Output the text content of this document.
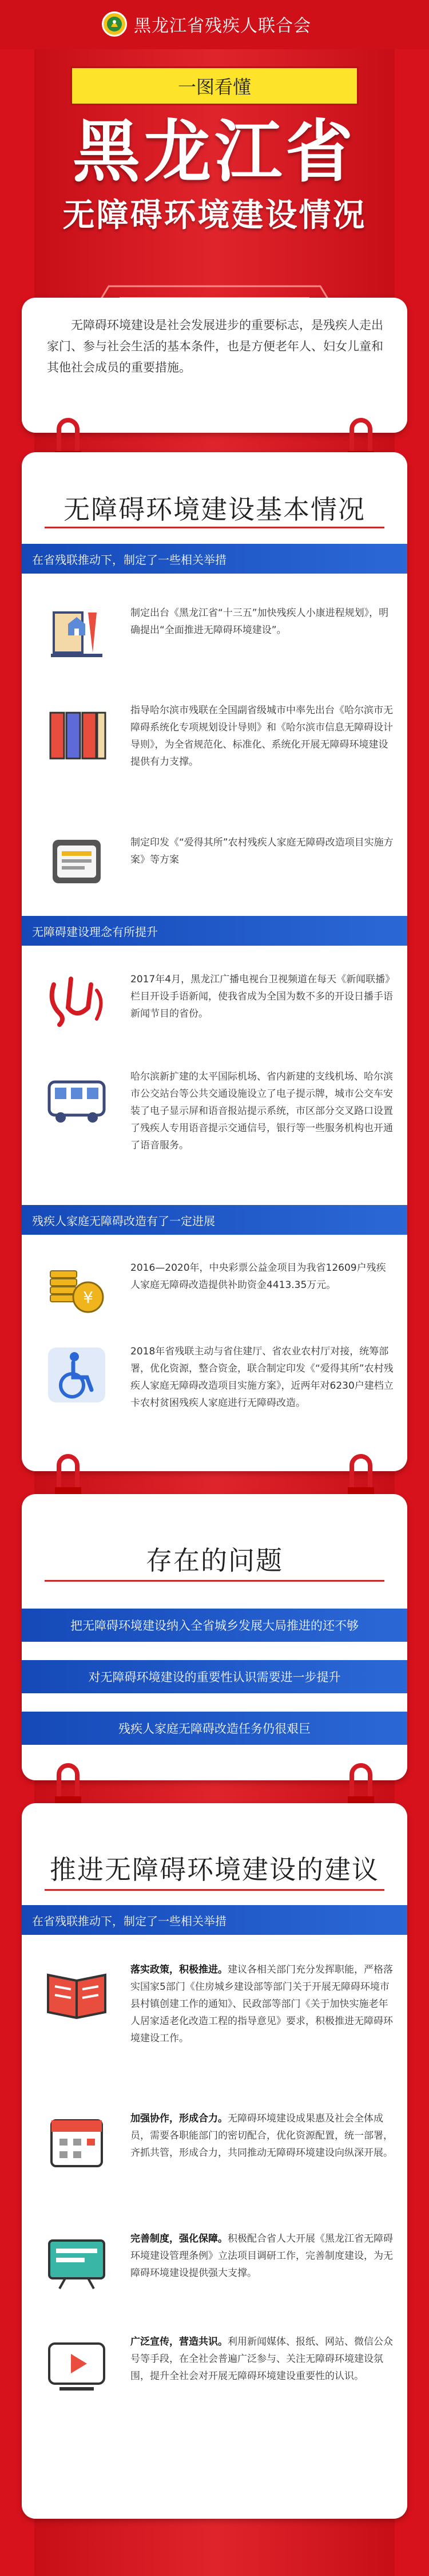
黑龙江省残疾人联合会
一图看懂
黑龙江省
无障碍环境建设情况
无障碍环境建设是社会发展进步的重要标志，是残疾人走出家门、参与社会生活的基本条件，也是方便老年人、妇女儿童和其他社会成员的重要措施。
无障碍环境建设基本情况
在省残联推动下，制定了一些相关举措
制定出台《黑龙江省“十三五”加快残疾人小康进程规划》，明确提出“全面推进无障碍环境建设”。
指导哈尔滨市残联在全国副省级城市中率先出台《哈尔滨市无障碍系统化专项规划设计导则》和《哈尔滨市信息无障碍设计导则》，为全省规范化、标准化、系统化开展无障碍环境建设提供有力支撑。
制定印发《“爱得其所”农村残疾人家庭无障碍改造项目实施方案》等方案
无障碍建设理念有所提升
2017年4月，黑龙江广播电视台卫视频道在每天《新闻联播》栏目开设手语新闻，使我省成为全国为数不多的开设日播手语新闻节目的省份。
哈尔滨新扩建的太平国际机场、省内新建的支线机场、哈尔滨市公交站台等公共交通设施设立了电子提示牌，城市公交车安装了电子显示屏和语音报站提示系统，市区部分交叉路口设置了残疾人专用语音提示交通信号，银行等一些服务机构也开通了语音服务。
残疾人家庭无障碍改造有了一定进展
¥
2016—2020年，中央彩票公益金项目为我省12609户残疾人家庭无障碍改造提供补助资金4413.35万元。
2018年省残联主动与省住建厅、省农业农村厅对接，统筹部署，优化资源，整合资金，联合制定印发《“爱得其所”农村残疾人家庭无障碍改造项目实施方案》，近两年对6230户建档立卡农村贫困残疾人家庭进行无障碍改造。
存在的问题
把无障碍环境建设纳入全省城乡发展大局推进的还不够
对无障碍环境建设的重要性认识需要进一步提升
残疾人家庭无障碍改造任务仍很艰巨
推进无障碍环境建设的建议
在省残联推动下，制定了一些相关举措
落实政策，积极推进。建议各相关部门充分发挥职能，严格落实国家5部门《住房城乡建设部等部门关于开展无障碍环境市县村镇创建工作的通知》、民政部等部门《关于加快实施老年人居家适老化改造工程的指导意见》要求，积极推进无障碍环境建设工作。
加强协作，形成合力。无障碍环境建设成果惠及社会全体成员，需要各职能部门的密切配合，优化资源配置，统一部署，齐抓共管，形成合力，共同推动无障碍环境建设向纵深开展。
完善制度，强化保障。积极配合省人大开展《黑龙江省无障碍环境建设管理条例》立法项目调研工作，完善制度建设，为无障碍环境建设提供强大支撑。
广泛宣传，营造共识。利用新闻媒体、报纸、网站、微信公众号等手段，在全社会普遍广泛参与、关注无障碍环境建设氛围，提升全社会对开展无障碍环境建设重要性的认识。
